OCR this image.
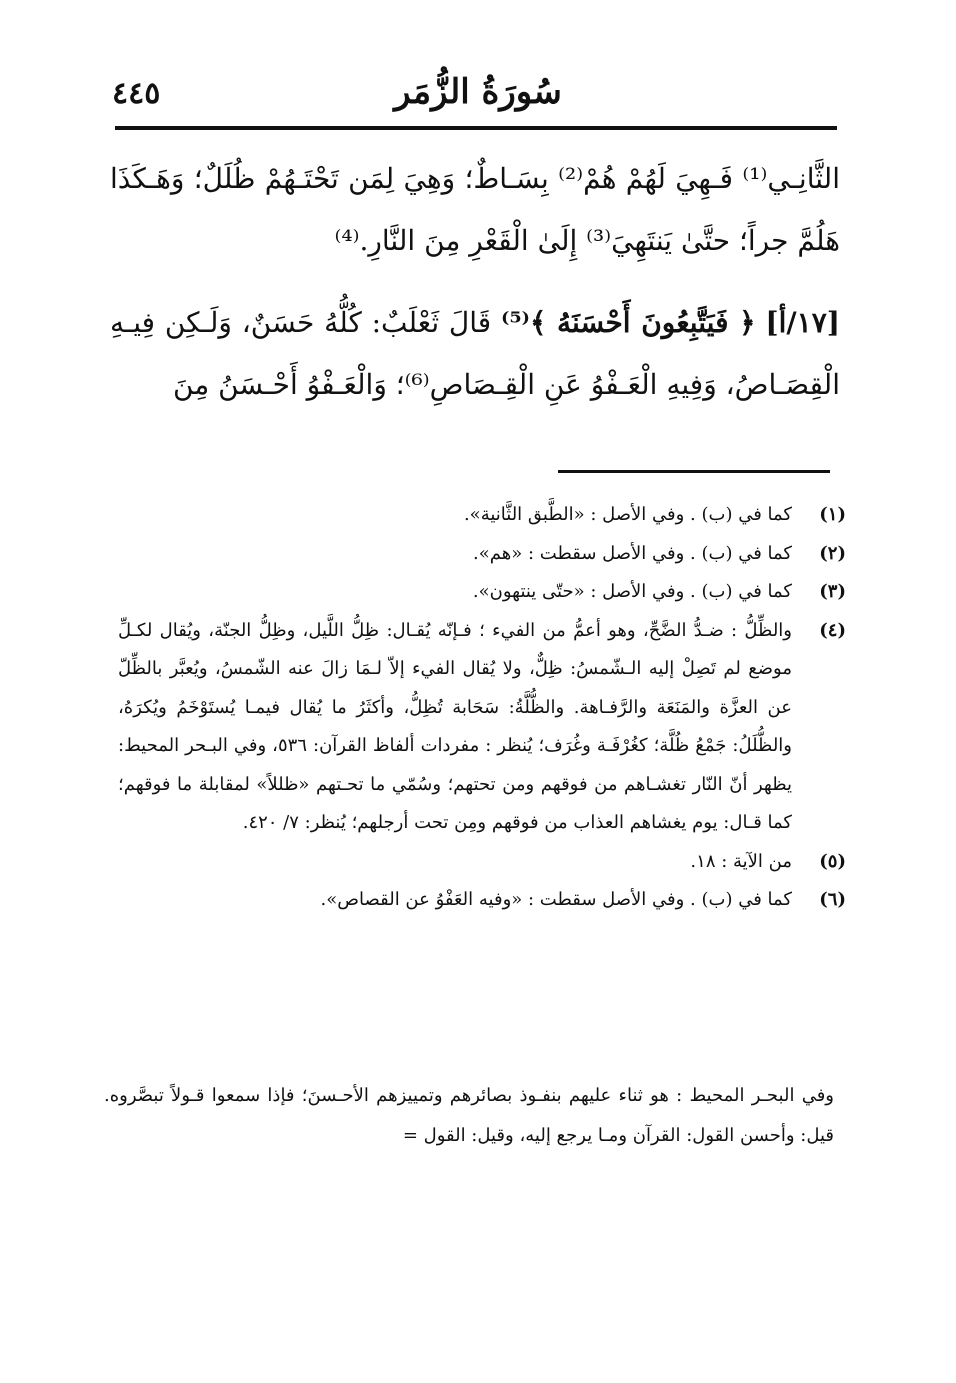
سُورَةُ الزُّمَر
٤٤٥

الثَّانِـي⁽¹⁾ فَـهِيَ لَهُمْ هُمْ⁽²⁾ بِسَـاطٌ؛ وَهِيَ لِمَن تَحْتَـهُمْ ظُلَلٌ؛ وَهَـكَذَا هَلُمَّ جراً؛ حتَّىٰ يَنتَهِيَ⁽³⁾ إِلَىٰ الْقَعْرِ مِنَ النَّارِ.⁽⁴⁾

[١٧/أ] ﴿ فَيَتَّبِعُونَ أَحْسَنَهُ ﴾⁽⁵⁾ قَالَ ثَعْلَبٌ: كُلُّهُ حَسَنٌ، وَلَـكِن فِيـهِ الْقِصَـاصُ، وَفِيهِ الْعَـفْوُ عَنِ الْقِـصَاصِ⁽⁶⁾؛ وَالْعَـفْوُ أَحْـسَنُ مِنَ

(١)
كما في (ب) . وفي الأصل : «الطَّبق الثَّانية».
(٢)
كما في (ب) . وفي الأصل سقطت : «هم».
(٣)
كما في (ب) . وفي الأصل : «حتّى ينتهون».
(٤)
والظِّلُّ : ضـدُّ الضَّحِّ، وهو أعمُّ من الفيء ؛ فـإنّه يُقـال: ظِلُّ اللَّيل، وظِلُّ الجنّة، ويُقال لكـلِّ موضع لم تَصِلْ إليه الـشّمسُ: ظِلٌّ، ولا يُقال الفيء إلاّ لـمَا زالَ عنه الشّمسُ، ويُعبَّر بالظِّلّ عن العزَّة والمَنَعَة والرَّفـاهة. والظُّلَّةُ: سَحَابة تُظِلُّ، وأكثَرُ ما يُقال فيمـا يُستَوْخَمُ ويُكرَهُ، والظُّلَلُ: جَمْعُ ظُلَّة؛ كغُرْفَـة وغُرَف؛ يُنظر : مفردات ألفاظ القرآن: ٥٣٦، وفي البـحر المحيط: يظهر أنّ النّار تغشـاهم من فوقهم ومن تحتهم؛ وسُمّي ما تحـتهم «ظللاً» لمقابلة ما فوقهم؛ كما قـال: يوم يغشاهم العذاب من فوقهم ومِن تحت أرجلهم؛ يُنظر: ٧/ ٤٢٠.
(٥)
من الآية : ١٨.
(٦)
كما في (ب) . وفي الأصل سقطت : «وفيه العَفْوُ عن القصاص».

وفي البحـر المحيط : هو ثناء عليهم بنفـوذ بصائرهم وتمييزهم الأحـسنَ؛ فإذا سمعوا قـولاً تبصَّروه. قيل: وأحسن القول: القرآن ومـا يرجع إليه، وقيل: القول =
